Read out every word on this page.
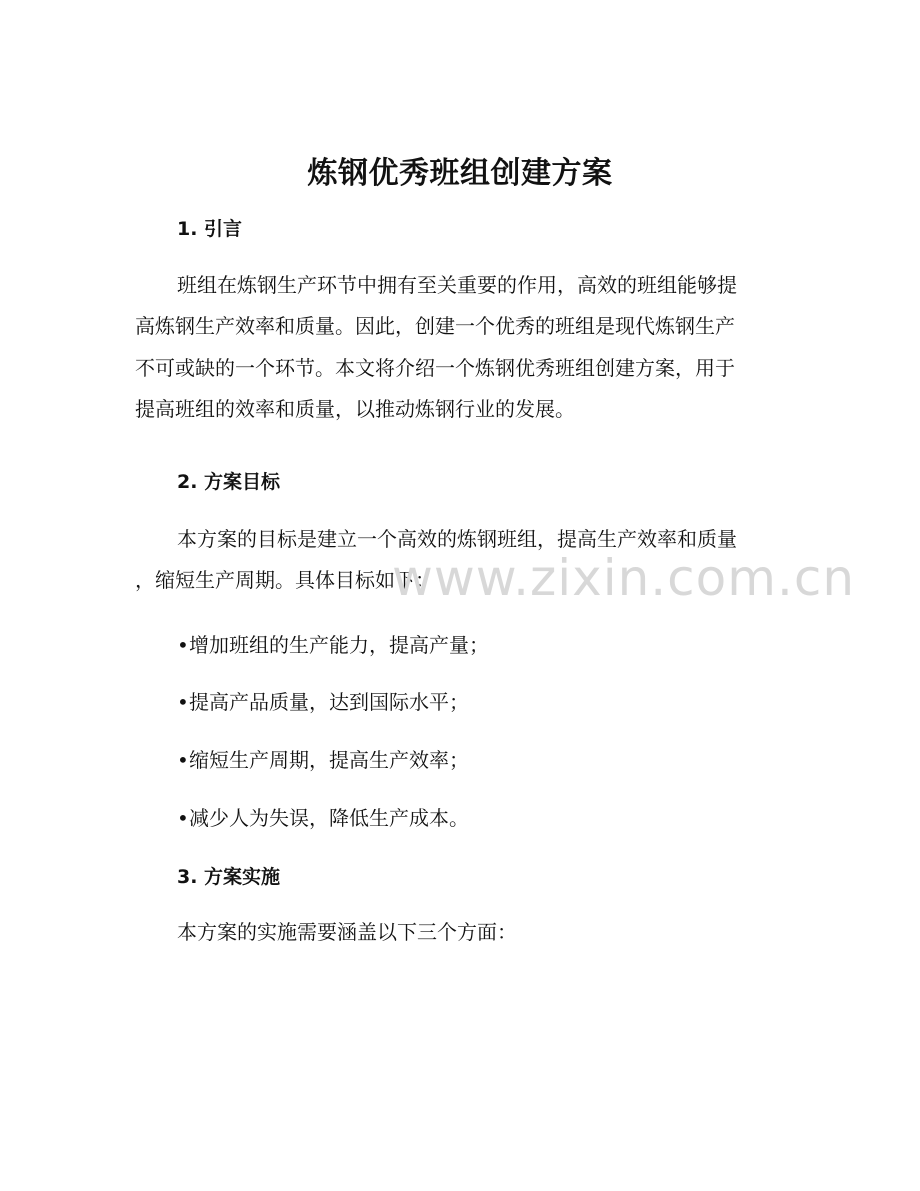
炼钢优秀班组创建方案
1. 引言
班组在炼钢生产环节中拥有至关重要的作用，高效的班组能够提
高炼钢生产效率和质量。因此，创建一个优秀的班组是现代炼钢生产
不可或缺的一个环节。本文将介绍一个炼钢优秀班组创建方案，用于
提高班组的效率和质量，以推动炼钢行业的发展。
2. 方案目标
本方案的目标是建立一个高效的炼钢班组，提高生产效率和质量
，缩短生产周期。具体目标如下：
•增加班组的生产能力，提高产量；
•提高产品质量，达到国际水平；
•缩短生产周期，提高生产效率；
•减少人为失误，降低生产成本。
3. 方案实施
本方案的实施需要涵盖以下三个方面：
www.zixin.com.cn
